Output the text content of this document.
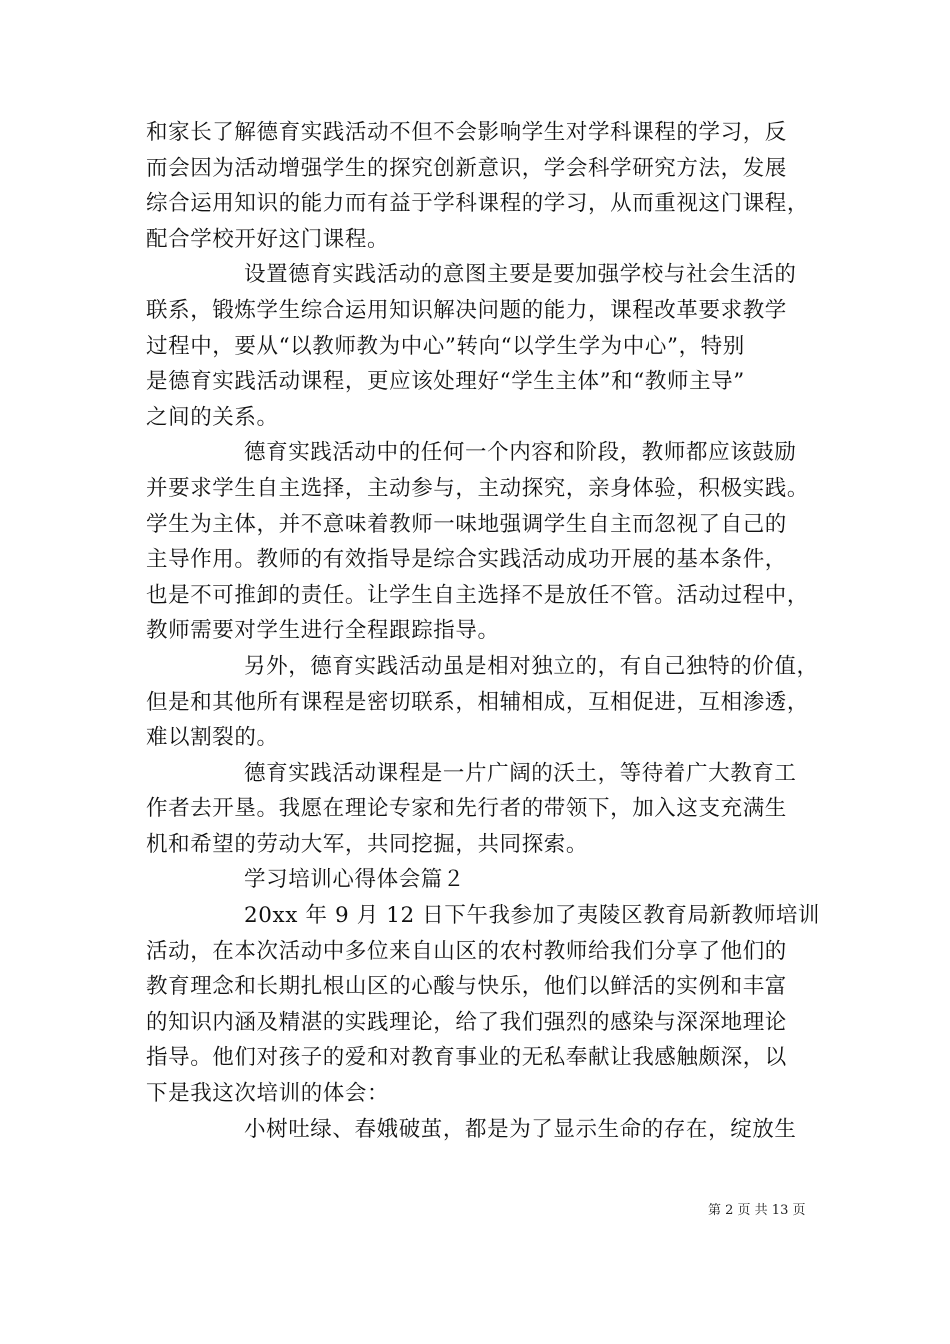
和家长了解德育实践活动不但不会影响学生对学科课程的学习，反
而会因为活动增强学生的探究创新意识，学会科学研究方法，发展
综合运用知识的能力而有益于学科课程的学习，从而重视这门课程，
配合学校开好这门课程。
设置德育实践活动的意图主要是要加强学校与社会生活的
联系，锻炼学生综合运用知识解决问题的能力，课程改革要求教学
过程中，要从“以教师教为中心”转向“以学生学为中心”，特别
是德育实践活动课程，更应该处理好“学生主体”和“教师主导”
之间的关系。
德育实践活动中的任何一个内容和阶段，教师都应该鼓励
并要求学生自主选择，主动参与，主动探究，亲身体验，积极实践。
学生为主体，并不意味着教师一味地强调学生自主而忽视了自己的
主导作用。教师的有效指导是综合实践活动成功开展的基本条件，
也是不可推卸的责任。让学生自主选择不是放任不管。活动过程中，
教师需要对学生进行全程跟踪指导。
另外，德育实践活动虽是相对独立的，有自己独特的价值，
但是和其他所有课程是密切联系，相辅相成，互相促进，互相渗透，
难以割裂的。
德育实践活动课程是一片广阔的沃土，等待着广大教育工
作者去开垦。我愿在理论专家和先行者的带领下，加入这支充满生
机和希望的劳动大军，共同挖掘，共同探索。
学习培训心得体会篇２
20xx 年 9 月 12 日下午我参加了夷陵区教育局新教师培训
活动，在本次活动中多位来自山区的农村教师给我们分享了他们的
教育理念和长期扎根山区的心酸与快乐，他们以鲜活的实例和丰富
的知识内涵及精湛的实践理论，给了我们强烈的感染与深深地理论
指导。他们对孩子的爱和对教育事业的无私奉献让我感触颇深，以
下是我这次培训的体会：
小树吐绿、春娥破茧，都是为了显示生命的存在，绽放生
第 2 页 共 13 页
